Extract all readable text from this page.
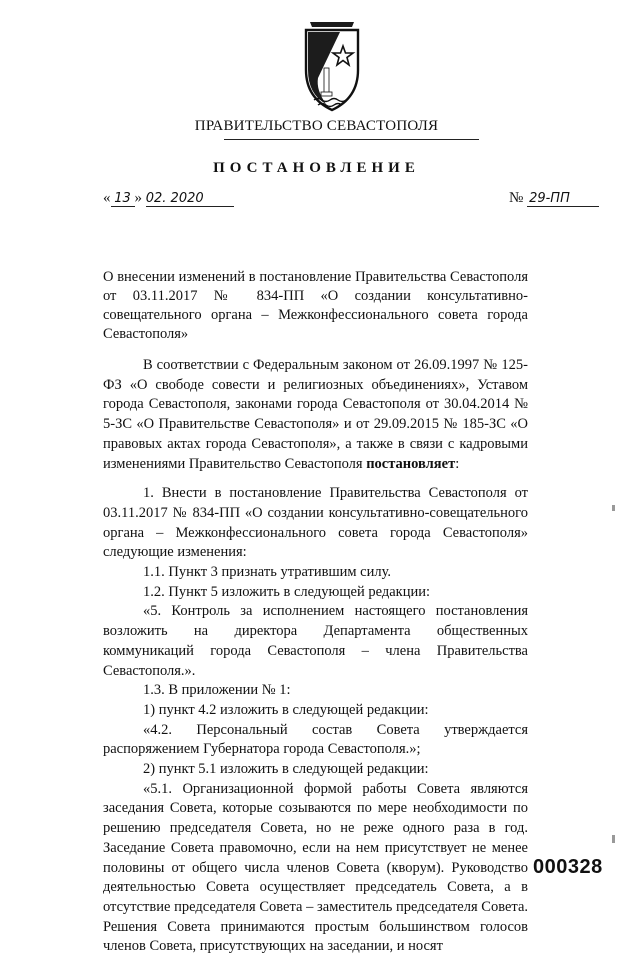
ПРАВИТЕЛЬСТВО СЕВАСТОПОЛЯ
ПОСТАНОВЛЕНИЕ
« 13 » 02. 2020	№ 29-ПП
О внесении изменений в постановление Правительства Севастополя от 03.11.2017 № 834-ПП «О создании консультативно-совещательного органа – Межконфессионального совета города Севастополя»

В соответствии с Федеральным законом от 26.09.1997 № 125-ФЗ «О свободе совести и религиозных объединениях», Уставом города Севастополя, законами города Севастополя от 30.04.2014 № 5-ЗС «О Правительстве Севастополя» и от 29.09.2015 № 185-ЗС «О правовых актах города Севастополя», а также в связи с кадровыми изменениями Правительство Севастополя постановляет:

1. Внести в постановление Правительства Севастополя от 03.11.2017 № 834-ПП «О создании консультативно-совещательного органа – Межконфессионального совета города Севастополя» следующие изменения:

1.1. Пункт 3 признать утратившим силу.

1.2. Пункт 5 изложить в следующей редакции:

«5. Контроль за исполнением настоящего постановления возложить на директора Департамента общественных коммуникаций города Севастополя – члена Правительства Севастополя.».

1.3. В приложении № 1:

1) пункт 4.2 изложить в следующей редакции:

«4.2. Персональный состав Совета утверждается распоряжением Губернатора города Севастополя.»;

2) пункт 5.1 изложить в следующей редакции:

«5.1. Организационной формой работы Совета являются заседания Совета, которые созываются по мере необходимости по решению председателя Совета, но не реже одного раза в год. Заседание Совета правомочно, если на нем присутствует не менее половины от общего числа членов Совета (кворум). Руководство деятельностью Совета осуществляет председатель Совета, а в отсутствие председателя Совета – заместитель председателя Совета. Решения Совета принимаются простым большинством голосов членов Совета, присутствующих на заседании, и носят

000328
